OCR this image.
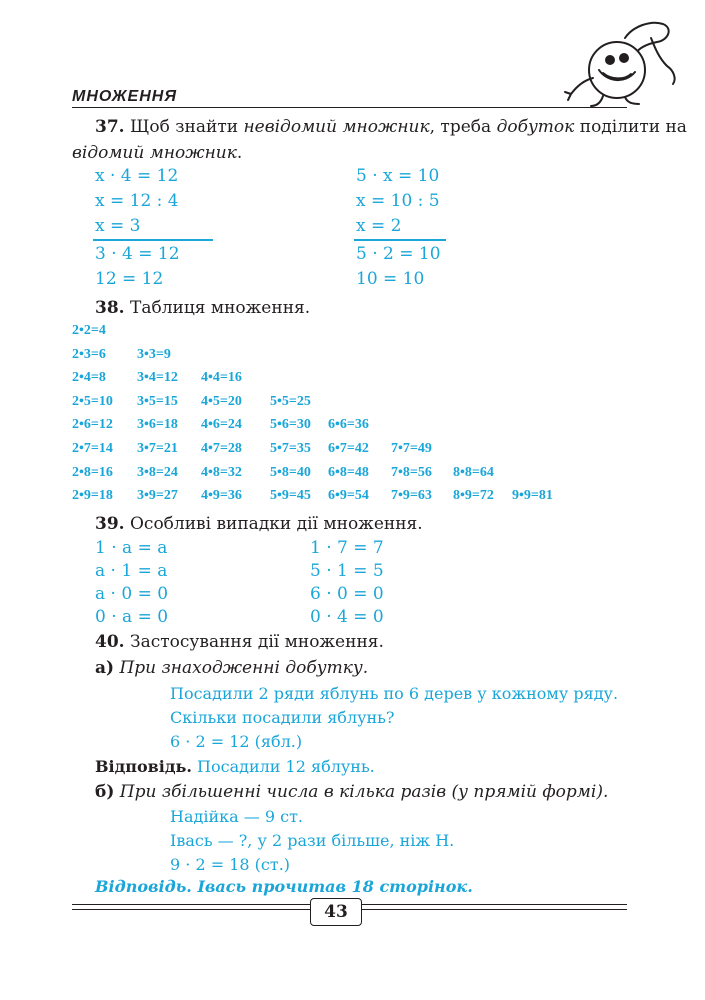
МНОЖЕННЯ
37. Щоб знайти невідомий множник, треба добуток поділити на
відомий множник.
x · 4 = 12
x = 12 : 4
x = 3
3 · 4 = 12
12 = 12
5 · x = 10
x = 10 : 5
x = 2
5 · 2 = 10
10 = 10
38. Таблиця множення.
2•2=4
2•3=6 3•3=9
2•4=8 3•4=12 4•4=16
2•5=10 3•5=15 4•5=20 5•5=25
2•6=12 3•6=18 4•6=24 5•6=30 6•6=36
2•7=14 3•7=21 4•7=28 5•7=35 6•7=42 7•7=49
2•8=16 3•8=24 4•8=32 5•8=40 6•8=48 7•8=56 8•8=64
2•9=18 3•9=27 4•9=36 5•9=45 6•9=54 7•9=63 8•9=72 9•9=81
39. Особливі випадки дії множення.
1 · a = a
a · 1 = a
a · 0 = 0
0 · a = 0
1 · 7 = 7
5 · 1 = 5
6 · 0 = 0
0 · 4 = 0
40. Застосування дії множення.
а) При знаходженні добутку.
Посадили 2 ряди яблунь по 6 дерев у кожному ряду.
Скільки посадили яблунь?
6 · 2 = 12 (ябл.)
Відповідь. Посадили 12 яблунь.
б) При збільшенні числа в кілька разів (у прямій формі).
Надійка — 9 ст.
Івась — ?, у 2 рази більше, ніж Н.
9 · 2 = 18 (ст.)
Відповідь. Івась прочитав 18 сторінок.
43
